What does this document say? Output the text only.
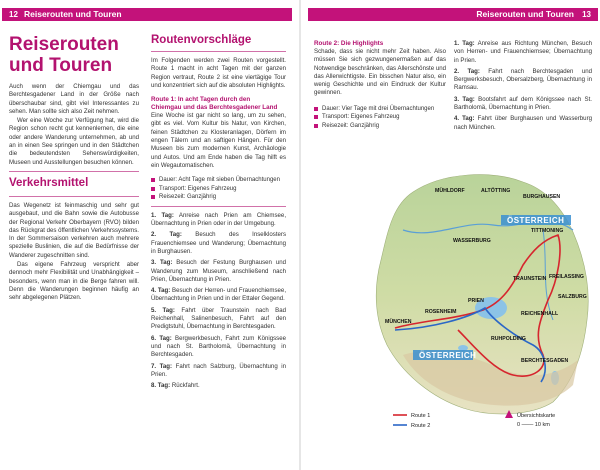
12 Reiserouten und Touren	Reiserouten und Touren	13
Reiserouten
und Touren

Auch wenn der Chiemgau und das Berchtesgadener Land in der Größe nach überschaubar sind, gibt viel Interessantes zu sehen. Man sollte sich also Zeit nehmen.

Wer eine Woche zur Verfügung hat, wird die Region schon recht gut kennenlernen, die eine oder andere Wanderung unternehmen, ab und an in einen See springen und in den Städtchen die bedeutendsten Sehenswürdigkeiten, Museen und Ausstellungen besuchen können.

Verkehrsmittel

Das Wegenetz ist feinmaschig und sehr gut ausgebaut, und die Bahn sowie die Autobusse der Regional Verkehr Oberbayern (RVO) bilden das Rückgrat des öffentlichen Verkehrssystems. In der Sommersaison verkehren auch mehrere spezielle Buslinien, die auf die Bedürfnisse der Wanderer zugeschnitten sind.

Das eigene Fahrzeug verspricht aber dennoch mehr Flexibilität und Unabhängigkeit – besonders, wenn man in die Berge fahren will. Denn die Wanderungen beginnen häufig an sehr abgelegenen Plätzen.

Routenvorschläge

Im Folgenden werden zwei Routen vorgestellt. Route 1 macht in acht Tagen mit der ganzen Region vertraut, Route 2 ist eine viertägige Tour und konzentriert sich auf die absoluten Highlights.

Route 1: In acht Tagen durch den
Chiemgau und das Berchtesgadener Land

Eine Woche ist gar nicht so lang, um zu sehen, gibt es viel. Vom Kultur bis Natur, von Kirchen, feinen Städtchen zu Klosteranlagen, Dörfern im engen Tälern und an saftigen Hängen. Für den Museen bis zum modernen Kunst, Archäologie und Autos. Und am Ende haben die Tag hilft es ein Wegautomatischen.

Dauer: Acht Tage mit sieben Übernachtungen
Transport: Eigenes Fahrzeug
Reisezeit: Ganzjährig

1. Tag: Anreise nach Prien am Chiemsee, Übernachtung in Prien oder in der Umgebung.

2. Tag: Besuch des Inselklosters Frauenchiemsee und Wanderung; Übernachtung in Burghausen.

3. Tag: Besuch der Festung Burghausen und Wanderung zum Museum, anschließend nach Prien, Übernachtung in Prien.

4. Tag: Besuch der Herren- und Frauenchiemsee, Übernachtung in Prien und in der Ettaler Gegend.

5. Tag: Fahrt über Traunstein nach Bad Reichenhall, Salinenbesuch, Fahrt auf den Predigtstuhl, Übernachtung in Berchtesgaden.

6. Tag: Bergwerkbesuch, Fahrt zum Königssee und nach St. Bartholomä, Übernachtung in Berchtesgaden.

7. Tag: Fahrt nach Salzburg, Übernachtung in Prien.

8. Tag: Rückfahrt.

Route 2: Die Highlights

Schade, dass sie nicht mehr Zeit haben. Also müssen Sie sich gezwungenermaßen auf das Notwendige beschränken, das Allerschönste und das Allerwichtigste. Ein bisschen Natur also, ein wenig Geschichte und ein Eindruck der Kultur gewinnen.

Dauer: Vier Tage mit drei Übernachtungen
Transport: Eigenes Fahrzeug
Reisezeit: Ganzjährig

1. Tag: Anreise aus Richtung München, Besuch von Herren- und Frauenchiemsee; Übernachtung in Prien.

2. Tag: Fahrt nach Berchtesgaden und Bergwerksbesuch, Obersalzberg, Übernachtung in Ramsau.

3. Tag: Bootsfahrt auf dem Königssee nach St. Bartholomä, Übernachtung in Prien.

4. Tag: Fahrt über Burghausen und Wasserburg nach München.

ÖSTERREICH
ÖSTERREICH
SALZBURG
MÜNCHEN
ROSENHEIM
WASSERBURG
TRAUNSTEIN
BURGHAUSEN
TITTMONING
ALTÖTTING
MÜHLDORF
PRIEN
REICHENHALL
BERCHTESGADEN
RUHPOLDING
FREILASSING
Route 1
Route 2
Übersichtskarte
0 ─── 10 km
